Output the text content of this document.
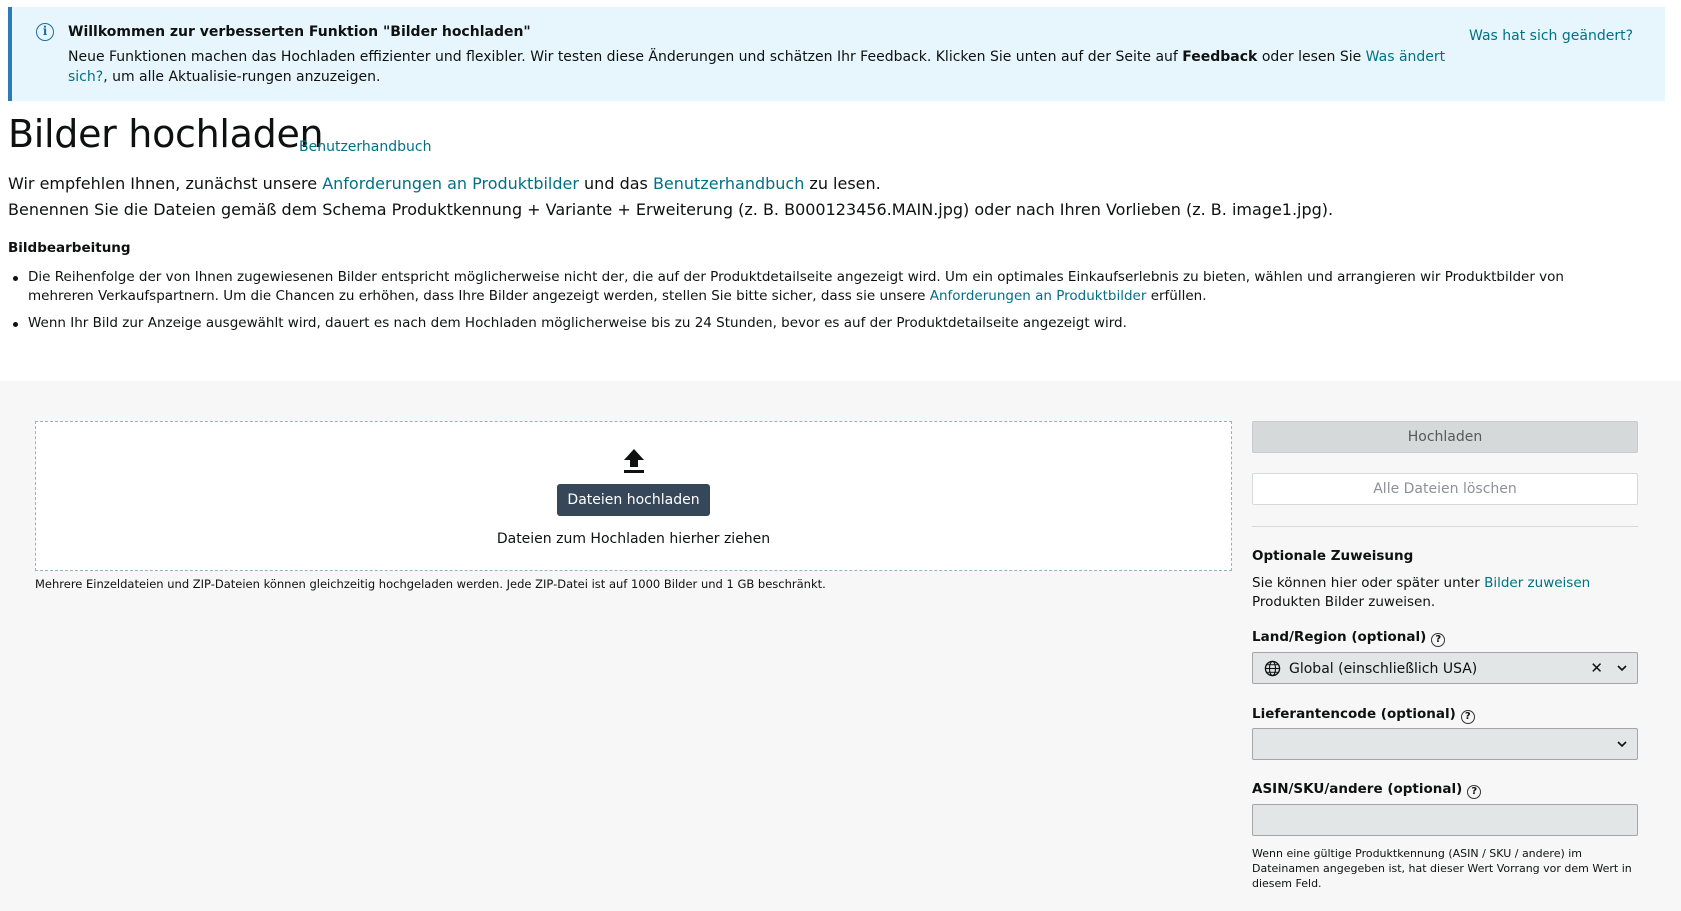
i	Willkommen zur verbesserten Funktion "Bilder hochladen"
Neue Funktionen machen das Hochladen effizienter und flexibler. Wir testen diese Änderungen und schätzen Ihr Feedback. Klicken Sie unten auf der Seite auf Feedback oder lesen Sie Was ändert sich?, um alle Aktualisie-rungen anzuzeigen.
Was hat sich geändert?
Bilder hochladen
Benutzerhandbuch
Wir empfehlen Ihnen, zunächst unsere Anforderungen an Produktbilder und das Benutzerhandbuch zu lesen.
Benennen Sie die Dateien gemäß dem Schema Produktkennung + Variante + Erweiterung (z. B. B000123456.MAIN.jpg) oder nach Ihren Vorlieben (z. B. image1.jpg).
Bildbearbeitung
Die Reihenfolge der von Ihnen zugewiesenen Bilder entspricht möglicherweise nicht der, die auf der Produktdetailseite angezeigt wird. Um ein optimales Einkaufserlebnis zu bieten, wählen und arrangieren wir Produktbilder von mehreren Verkaufspartnern. Um die Chancen zu erhöhen, dass Ihre Bilder angezeigt werden, stellen Sie bitte sicher, dass sie unsere Anforderungen an Produktbilder erfüllen.
Wenn Ihr Bild zur Anzeige ausgewählt wird, dauert es nach dem Hochladen möglicherweise bis zu 24 Stunden, bevor es auf der Produktdetailseite angezeigt wird.
Dateien hochladen
Dateien zum Hochladen hierher ziehen
Mehrere Einzeldateien und ZIP-Dateien können gleichzeitig hochgeladen werden. Jede ZIP-Datei ist auf 1000 Bilder und 1 GB beschränkt.
Hochladen
Alle Dateien löschen
Optionale Zuweisung
Sie können hier oder später unter Bilder zuweisen Produkten Bilder zuweisen.
Land/Region (optional) ?
Global (einschließlich USA)	✕
Lieferantencode (optional) ?
ASIN/SKU/andere (optional) ?
Wenn eine gültige Produktkennung (ASIN / SKU / andere) im Dateinamen angegeben ist, hat dieser Wert Vorrang vor dem Wert in diesem Feld.
